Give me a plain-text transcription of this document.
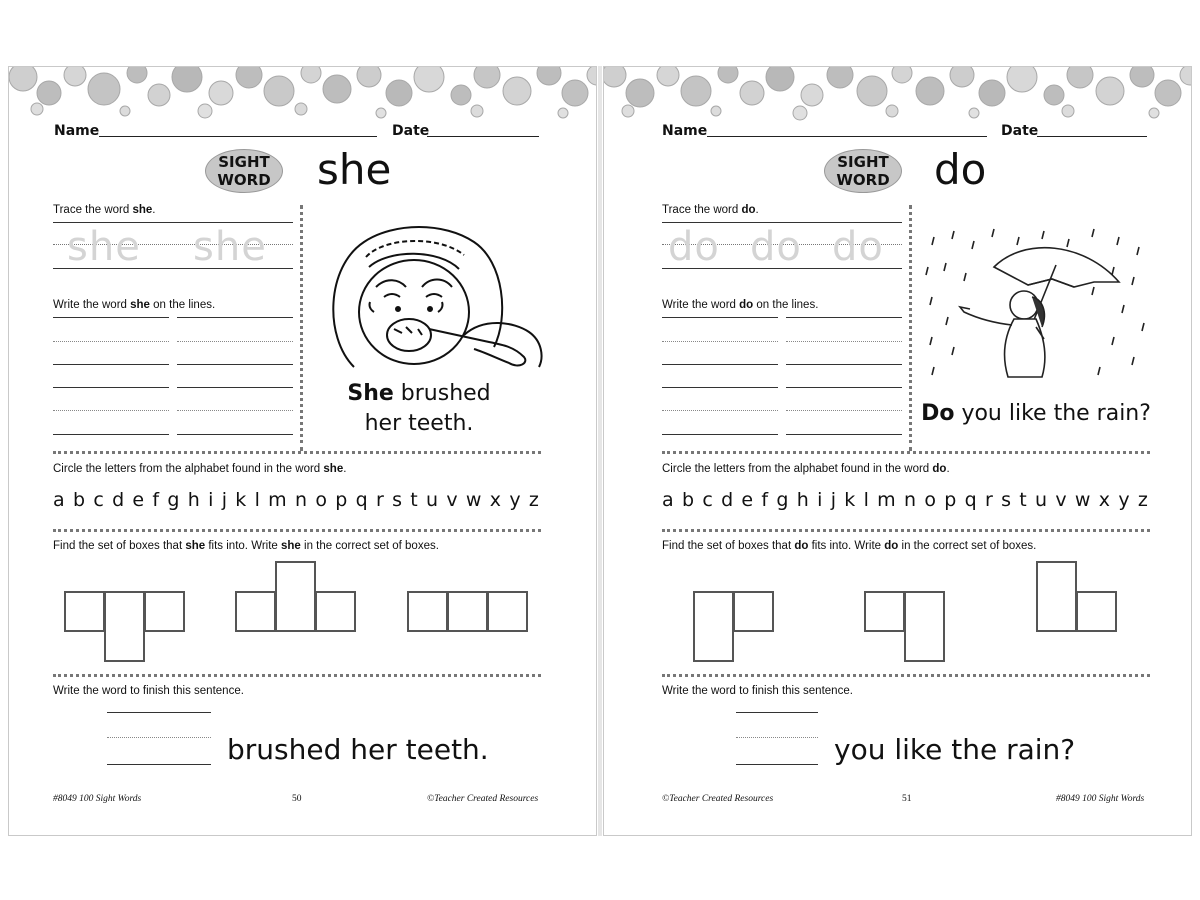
Name	Date
SIGHT
WORD she
Trace the word she.
she she
Write the word she on the lines.
She brushed
her teeth.
Circle the letters from the alphabet found in the word she.
a b c d e f g h i j k l m n o p q r s t u v w x y z
Find the set of boxes that she fits into. Write she in the correct set of boxes.
Write the word to finish this sentence.
brushed her teeth.
#8049 100 Sight Words	50	©Teacher Created Resources
Name	Date
SIGHT
WORD do
Trace the word do.
do do do
Write the word do on the lines.
Do you like the rain?
Circle the letters from the alphabet found in the word do.
a b c d e f g h i j k l m n o p q r s t u v w x y z
Find the set of boxes that do fits into. Write do in the correct set of boxes.
Write the word to finish this sentence.
you like the rain?
©Teacher Created Resources	51	#8049 100 Sight Words
